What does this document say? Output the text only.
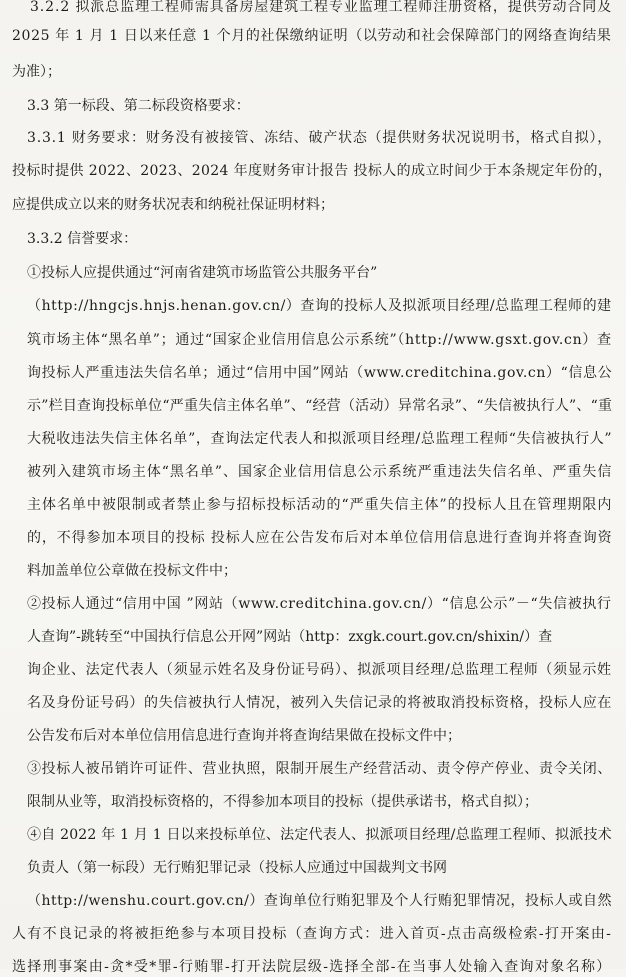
3.2.2 拟派总监理工程师需具备房屋建筑工程专业监理工程师注册资格，提供劳动合同及
2025 年 1 月 1 日以来任意 1 个月的社保缴纳证明（以劳动和社会保障部门的网络查询结果
为准）；
3.3 第一标段、第二标段资格要求：
3.3.1 财务要求：财务没有被接管、冻结、破产状态（提供财务状况说明书，格式自拟），
投标时提供 2022、2023、2024 年度财务审计报告 投标人的成立时间少于本条规定年份的，
应提供成立以来的财务状况表和纳税社保证明材料；
3.3.2 信誉要求：
①投标人应提供通过“河南省建筑市场监管公共服务平台”
（http://hngcjs.hnjs.henan.gov.cn/）查询的投标人及拟派项目经理/总监理工程师的建
筑市场主体“黑名单”；通过“国家企业信用信息公示系统”（http://www.gsxt.gov.cn）查
询投标人严重违法失信名单；通过“信用中国”网站（www.creditchina.gov.cn）“信息公
示”栏目查询投标单位“严重失信主体名单”、“经营（活动）异常名录”、“失信被执行人”、“重
大税收违法失信主体名单”，查询法定代表人和拟派项目经理/总监理工程师“失信被执行人”
被列入建筑市场主体“黑名单”、国家企业信用信息公示系统严重违法失信名单、严重失信
主体名单中被限制或者禁止参与招标投标活动的“严重失信主体”的投标人且在管理期限内
的，不得参加本项目的投标 投标人应在公告发布后对本单位信用信息进行查询并将查询资
料加盖单位公章做在投标文件中；
②投标人通过“信用中国 ”网站（www.creditchina.gov.cn/）“信息公示”－“失信被执行
人查询”-跳转至“中国执行信息公开网”网站（http：zxgk.court.gov.cn/shixin/）查
询企业、法定代表人（须显示姓名及身份证号码）、拟派项目经理/总监理工程师（须显示姓
名及身份证号码）的失信被执行人情况，被列入失信记录的将被取消投标资格，投标人应在
公告发布后对本单位信用信息进行查询并将查询结果做在投标文件中；
③投标人被吊销许可证件、营业执照，限制开展生产经营活动、责令停产停业、责令关闭、
限制从业等，取消投标资格的，不得参加本项目的投标（提供承诺书，格式自拟）；
④自 2022 年 1 月 1 日以来投标单位、法定代表人、拟派项目经理/总监理工程师、拟派技术
负责人（第一标段）无行贿犯罪记录（投标人应通过中国裁判文书网
（http://wenshu.court.gov.cn/）查询单位行贿犯罪及个人行贿犯罪情况，投标人或自然
人有不良记录的将被拒绝参与本项目投标（查询方式：进入首页-点击高级检索-打开案由-
选择刑事案由-贪*受*罪-行贿罪-打开法院层级-选择全部-在当事人处输入查询对象名称）
